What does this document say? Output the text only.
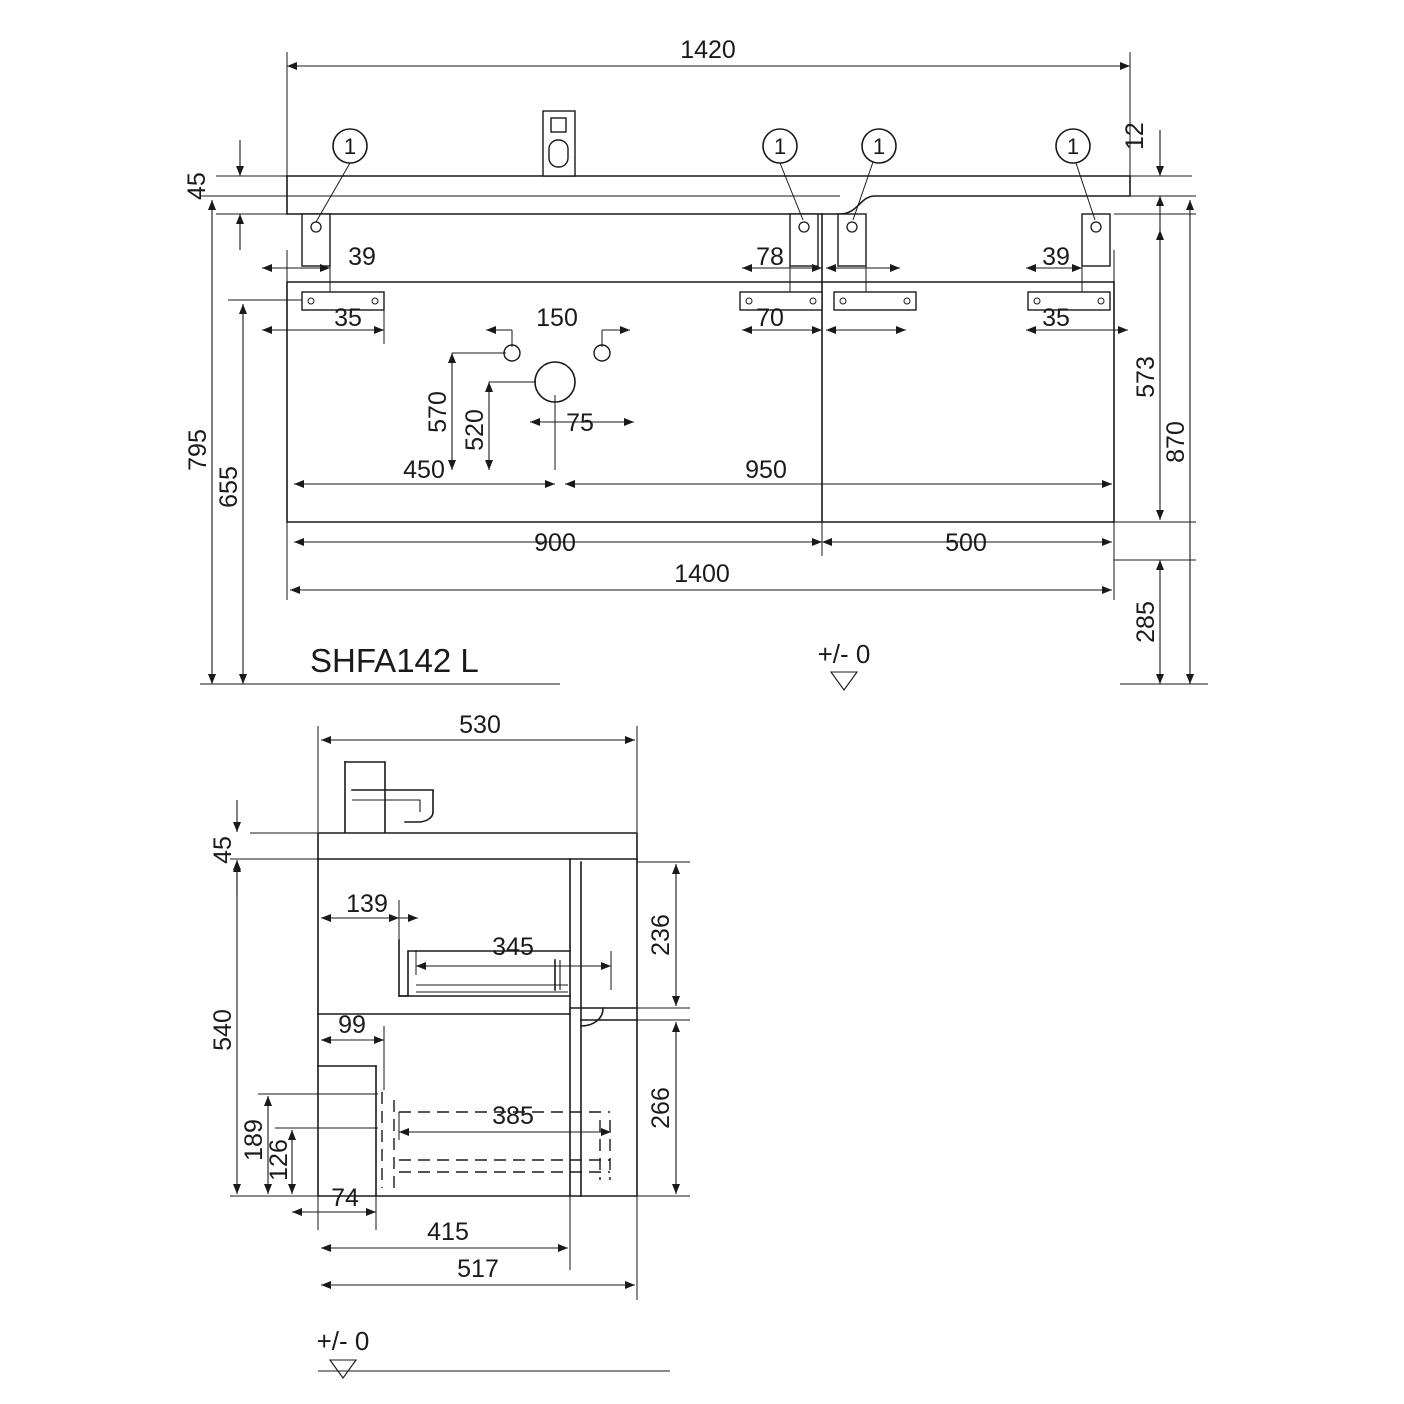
1420
12
45
39
35
78
70
39
35
150
570 520	75
450	950
795
655
573
870
285
900	500
1400
1	1	1	1
SHFA142 L	+/- 0
+/- 0
530
45
139
345	236
99
385	266
540
189
126
74
415
517
